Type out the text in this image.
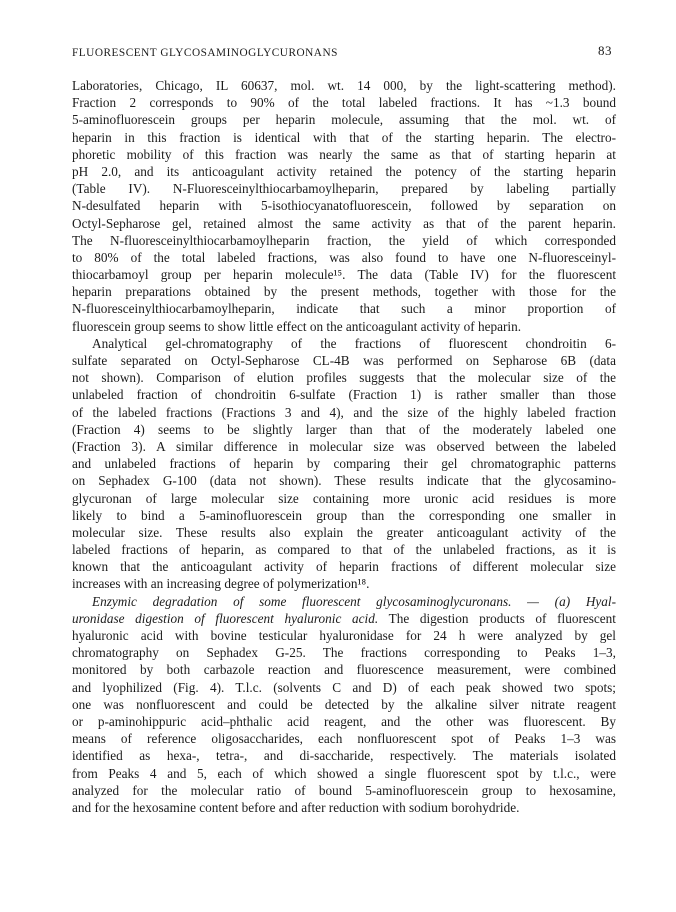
FLUORESCENT GLYCOSAMINOGLYCURONANS	83
Laboratories, Chicago, IL 60637, mol. wt. 14 000, by the light-scattering method).
Fraction 2 corresponds to 90% of the total labeled fractions. It has ~1.3 bound
5-aminofluorescein groups per heparin molecule, assuming that the mol. wt. of
heparin in this fraction is identical with that of the starting heparin. The electro-
phoretic mobility of this fraction was nearly the same as that of starting heparin at
pH 2.0, and its anticoagulant activity retained the potency of the starting heparin
(Table IV). N-Fluoresceinylthiocarbamoylheparin, prepared by labeling partially
N-desulfated heparin with 5-isothiocyanatofluorescein, followed by separation on
Octyl-Sepharose gel, retained almost the same activity as that of the parent heparin.
The N-fluoresceinylthiocarbamoylheparin fraction, the yield of which corresponded
to 80% of the total labeled fractions, was also found to have one N-fluoresceinyl-
thiocarbamoyl group per heparin molecule¹⁵. The data (Table IV) for the fluorescent
heparin preparations obtained by the present methods, together with those for the
N-fluoresceinylthiocarbamoylheparin, indicate that such a minor proportion of
fluorescein group seems to show little effect on the anticoagulant activity of heparin.
Analytical gel-chromatography of the fractions of fluorescent chondroitin 6-
sulfate separated on Octyl-Sepharose CL-4B was performed on Sepharose 6B (data
not shown). Comparison of elution profiles suggests that the molecular size of the
unlabeled fraction of chondroitin 6-sulfate (Fraction 1) is rather smaller than those
of the labeled fractions (Fractions 3 and 4), and the size of the highly labeled fraction
(Fraction 4) seems to be slightly larger than that of the moderately labeled one
(Fraction 3). A similar difference in molecular size was observed between the labeled
and unlabeled fractions of heparin by comparing their gel chromatographic patterns
on Sephadex G-100 (data not shown). These results indicate that the glycosamino-
glycuronan of large molecular size containing more uronic acid residues is more
likely to bind a 5-aminofluorescein group than the corresponding one smaller in
molecular size. These results also explain the greater anticoagulant activity of the
labeled fractions of heparin, as compared to that of the unlabeled fractions, as it is
known that the anticoagulant activity of heparin fractions of different molecular size
increases with an increasing degree of polymerization¹⁸.
Enzymic degradation of some fluorescent glycosaminoglycuronans. — (a) Hyal-
uronidase digestion of fluorescent hyaluronic acid. The digestion products of fluorescent
hyaluronic acid with bovine testicular hyaluronidase for 24 h were analyzed by gel
chromatography on Sephadex G-25. The fractions corresponding to Peaks 1–3,
monitored by both carbazole reaction and fluorescence measurement, were combined
and lyophilized (Fig. 4). T.l.c. (solvents C and D) of each peak showed two spots;
one was nonfluorescent and could be detected by the alkaline silver nitrate reagent
or p-aminohippuric acid–phthalic acid reagent, and the other was fluorescent. By
means of reference oligosaccharides, each nonfluorescent spot of Peaks 1–3 was
identified as hexa-, tetra-, and di-saccharide, respectively. The materials isolated
from Peaks 4 and 5, each of which showed a single fluorescent spot by t.l.c., were
analyzed for the molecular ratio of bound 5-aminofluorescein group to hexosamine,
and for the hexosamine content before and after reduction with sodium borohydride.
